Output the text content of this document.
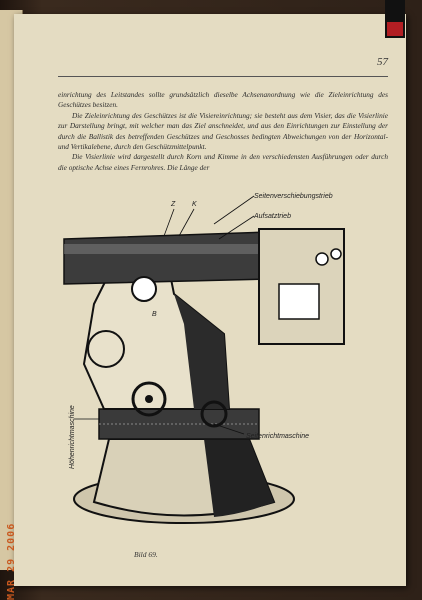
57

einrichtung des Leitstandes sollte grundsätzlich dieselbe Achsenanordnung wie die Zieleinrichtung des Geschützes besitzen.

Die Zieleinrichtung des Geschützes ist die Visiereinrichtung; sie besteht aus dem Visier, das die Visierlinie zur Darstellung bringt, mit welcher man das Ziel anschneidet, und aus den Einrichtungen zur Einstellung der durch die Ballistik des betreffenden Geschützes und Geschosses bedingten Abweichungen von der Horizontal- und Vertikalebene, durch den Geschützmittelpunkt.

Die Visierlinie wird dargestellt durch Korn und Kimme in den verschiedensten Ausführungen oder durch die optische Achse eines Fernrohres. Die Länge der

Seitenverschiebungstrieb
Aufsatztrieb
Z K
B
Höhenrichtmaschine	Seitenrichtmaschine
Bild 69.
MAR 29 2006
